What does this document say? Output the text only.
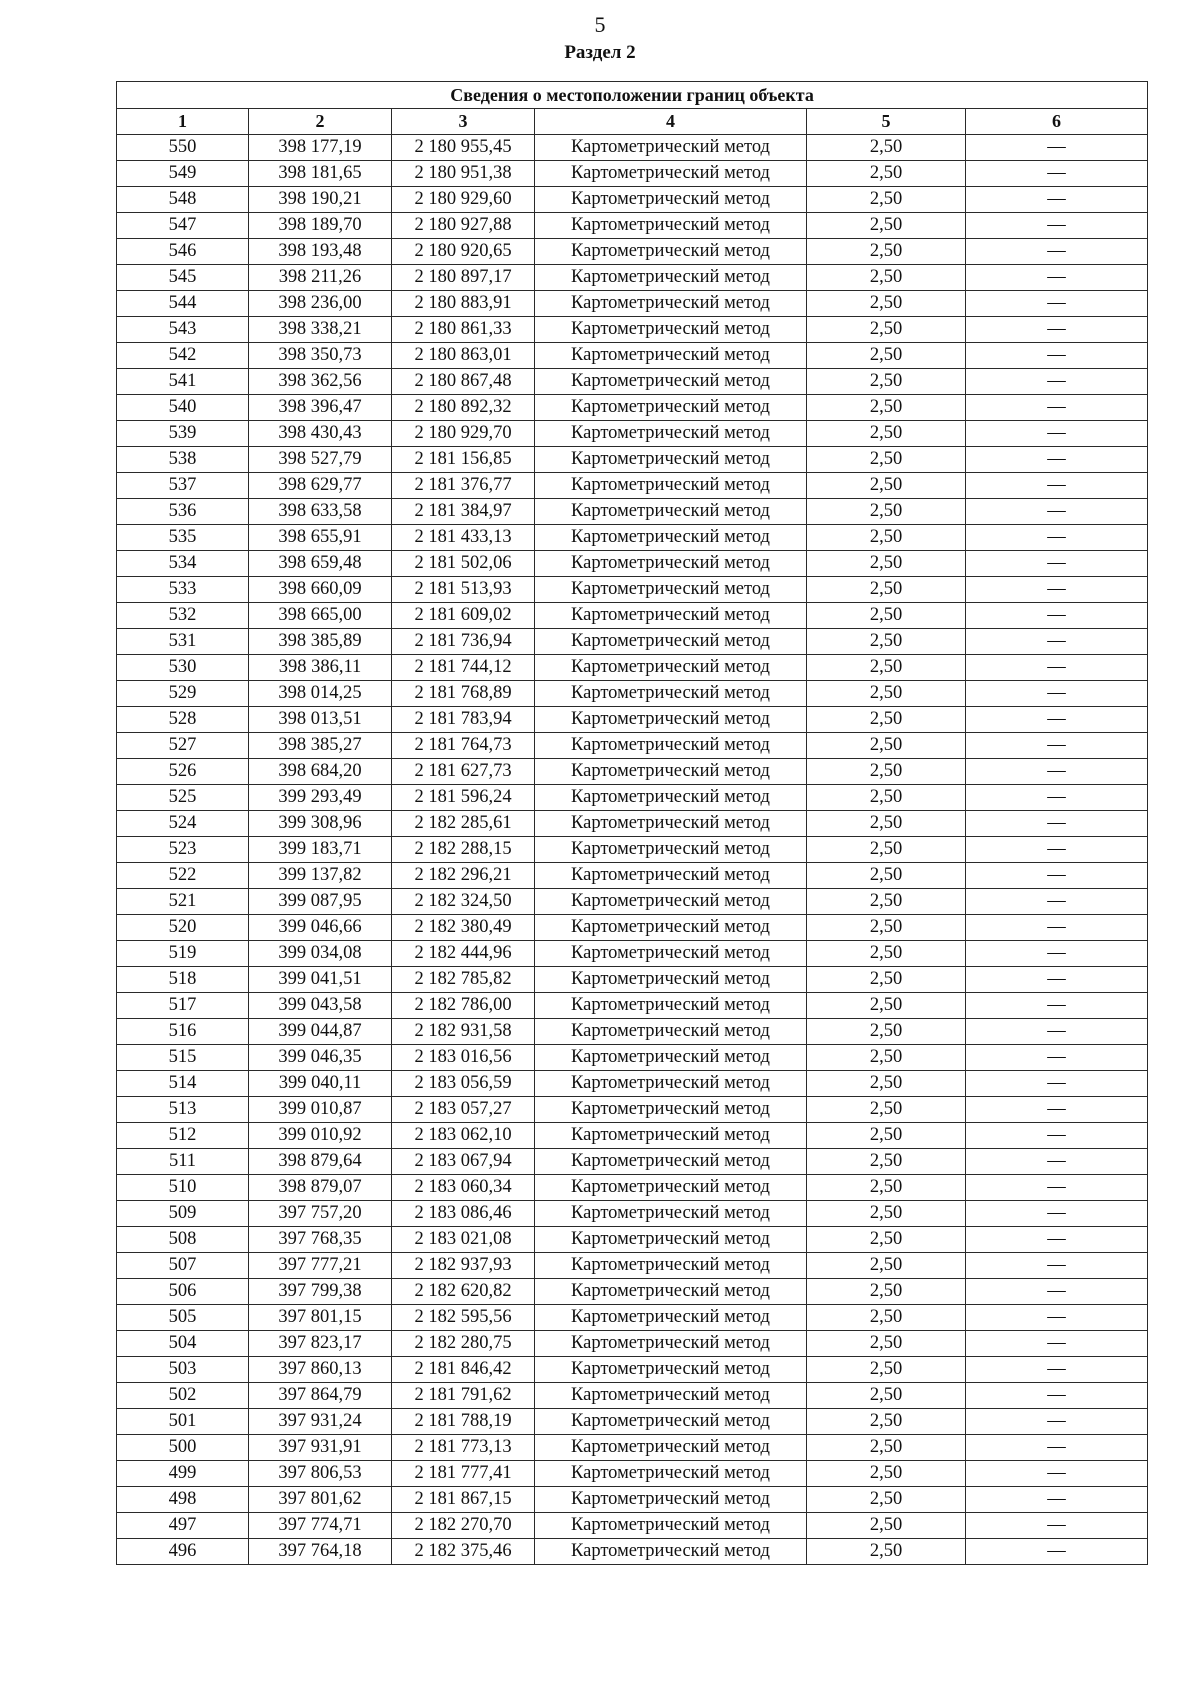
5
Раздел 2
Сведения о местоположении границ объекта					
1	2	3	4	5	6
550	398 177,19	2 180 955,45	Картометрический метод	2,50	—
549	398 181,65	2 180 951,38	Картометрический метод	2,50	—
548	398 190,21	2 180 929,60	Картометрический метод	2,50	—
547	398 189,70	2 180 927,88	Картометрический метод	2,50	—
546	398 193,48	2 180 920,65	Картометрический метод	2,50	—
545	398 211,26	2 180 897,17	Картометрический метод	2,50	—
544	398 236,00	2 180 883,91	Картометрический метод	2,50	—
543	398 338,21	2 180 861,33	Картометрический метод	2,50	—
542	398 350,73	2 180 863,01	Картометрический метод	2,50	—
541	398 362,56	2 180 867,48	Картометрический метод	2,50	—
540	398 396,47	2 180 892,32	Картометрический метод	2,50	—
539	398 430,43	2 180 929,70	Картометрический метод	2,50	—
538	398 527,79	2 181 156,85	Картометрический метод	2,50	—
537	398 629,77	2 181 376,77	Картометрический метод	2,50	—
536	398 633,58	2 181 384,97	Картометрический метод	2,50	—
535	398 655,91	2 181 433,13	Картометрический метод	2,50	—
534	398 659,48	2 181 502,06	Картометрический метод	2,50	—
533	398 660,09	2 181 513,93	Картометрический метод	2,50	—
532	398 665,00	2 181 609,02	Картометрический метод	2,50	—
531	398 385,89	2 181 736,94	Картометрический метод	2,50	—
530	398 386,11	2 181 744,12	Картометрический метод	2,50	—
529	398 014,25	2 181 768,89	Картометрический метод	2,50	—
528	398 013,51	2 181 783,94	Картометрический метод	2,50	—
527	398 385,27	2 181 764,73	Картометрический метод	2,50	—
526	398 684,20	2 181 627,73	Картометрический метод	2,50	—
525	399 293,49	2 181 596,24	Картометрический метод	2,50	—
524	399 308,96	2 182 285,61	Картометрический метод	2,50	—
523	399 183,71	2 182 288,15	Картометрический метод	2,50	—
522	399 137,82	2 182 296,21	Картометрический метод	2,50	—
521	399 087,95	2 182 324,50	Картометрический метод	2,50	—
520	399 046,66	2 182 380,49	Картометрический метод	2,50	—
519	399 034,08	2 182 444,96	Картометрический метод	2,50	—
518	399 041,51	2 182 785,82	Картометрический метод	2,50	—
517	399 043,58	2 182 786,00	Картометрический метод	2,50	—
516	399 044,87	2 182 931,58	Картометрический метод	2,50	—
515	399 046,35	2 183 016,56	Картометрический метод	2,50	—
514	399 040,11	2 183 056,59	Картометрический метод	2,50	—
513	399 010,87	2 183 057,27	Картометрический метод	2,50	—
512	399 010,92	2 183 062,10	Картометрический метод	2,50	—
511	398 879,64	2 183 067,94	Картометрический метод	2,50	—
510	398 879,07	2 183 060,34	Картометрический метод	2,50	—
509	397 757,20	2 183 086,46	Картометрический метод	2,50	—
508	397 768,35	2 183 021,08	Картометрический метод	2,50	—
507	397 777,21	2 182 937,93	Картометрический метод	2,50	—
506	397 799,38	2 182 620,82	Картометрический метод	2,50	—
505	397 801,15	2 182 595,56	Картометрический метод	2,50	—
504	397 823,17	2 182 280,75	Картометрический метод	2,50	—
503	397 860,13	2 181 846,42	Картометрический метод	2,50	—
502	397 864,79	2 181 791,62	Картометрический метод	2,50	—
501	397 931,24	2 181 788,19	Картометрический метод	2,50	—
500	397 931,91	2 181 773,13	Картометрический метод	2,50	—
499	397 806,53	2 181 777,41	Картометрический метод	2,50	—
498	397 801,62	2 181 867,15	Картометрический метод	2,50	—
497	397 774,71	2 182 270,70	Картометрический метод	2,50	—
496	397 764,18	2 182 375,46	Картометрический метод	2,50	—
